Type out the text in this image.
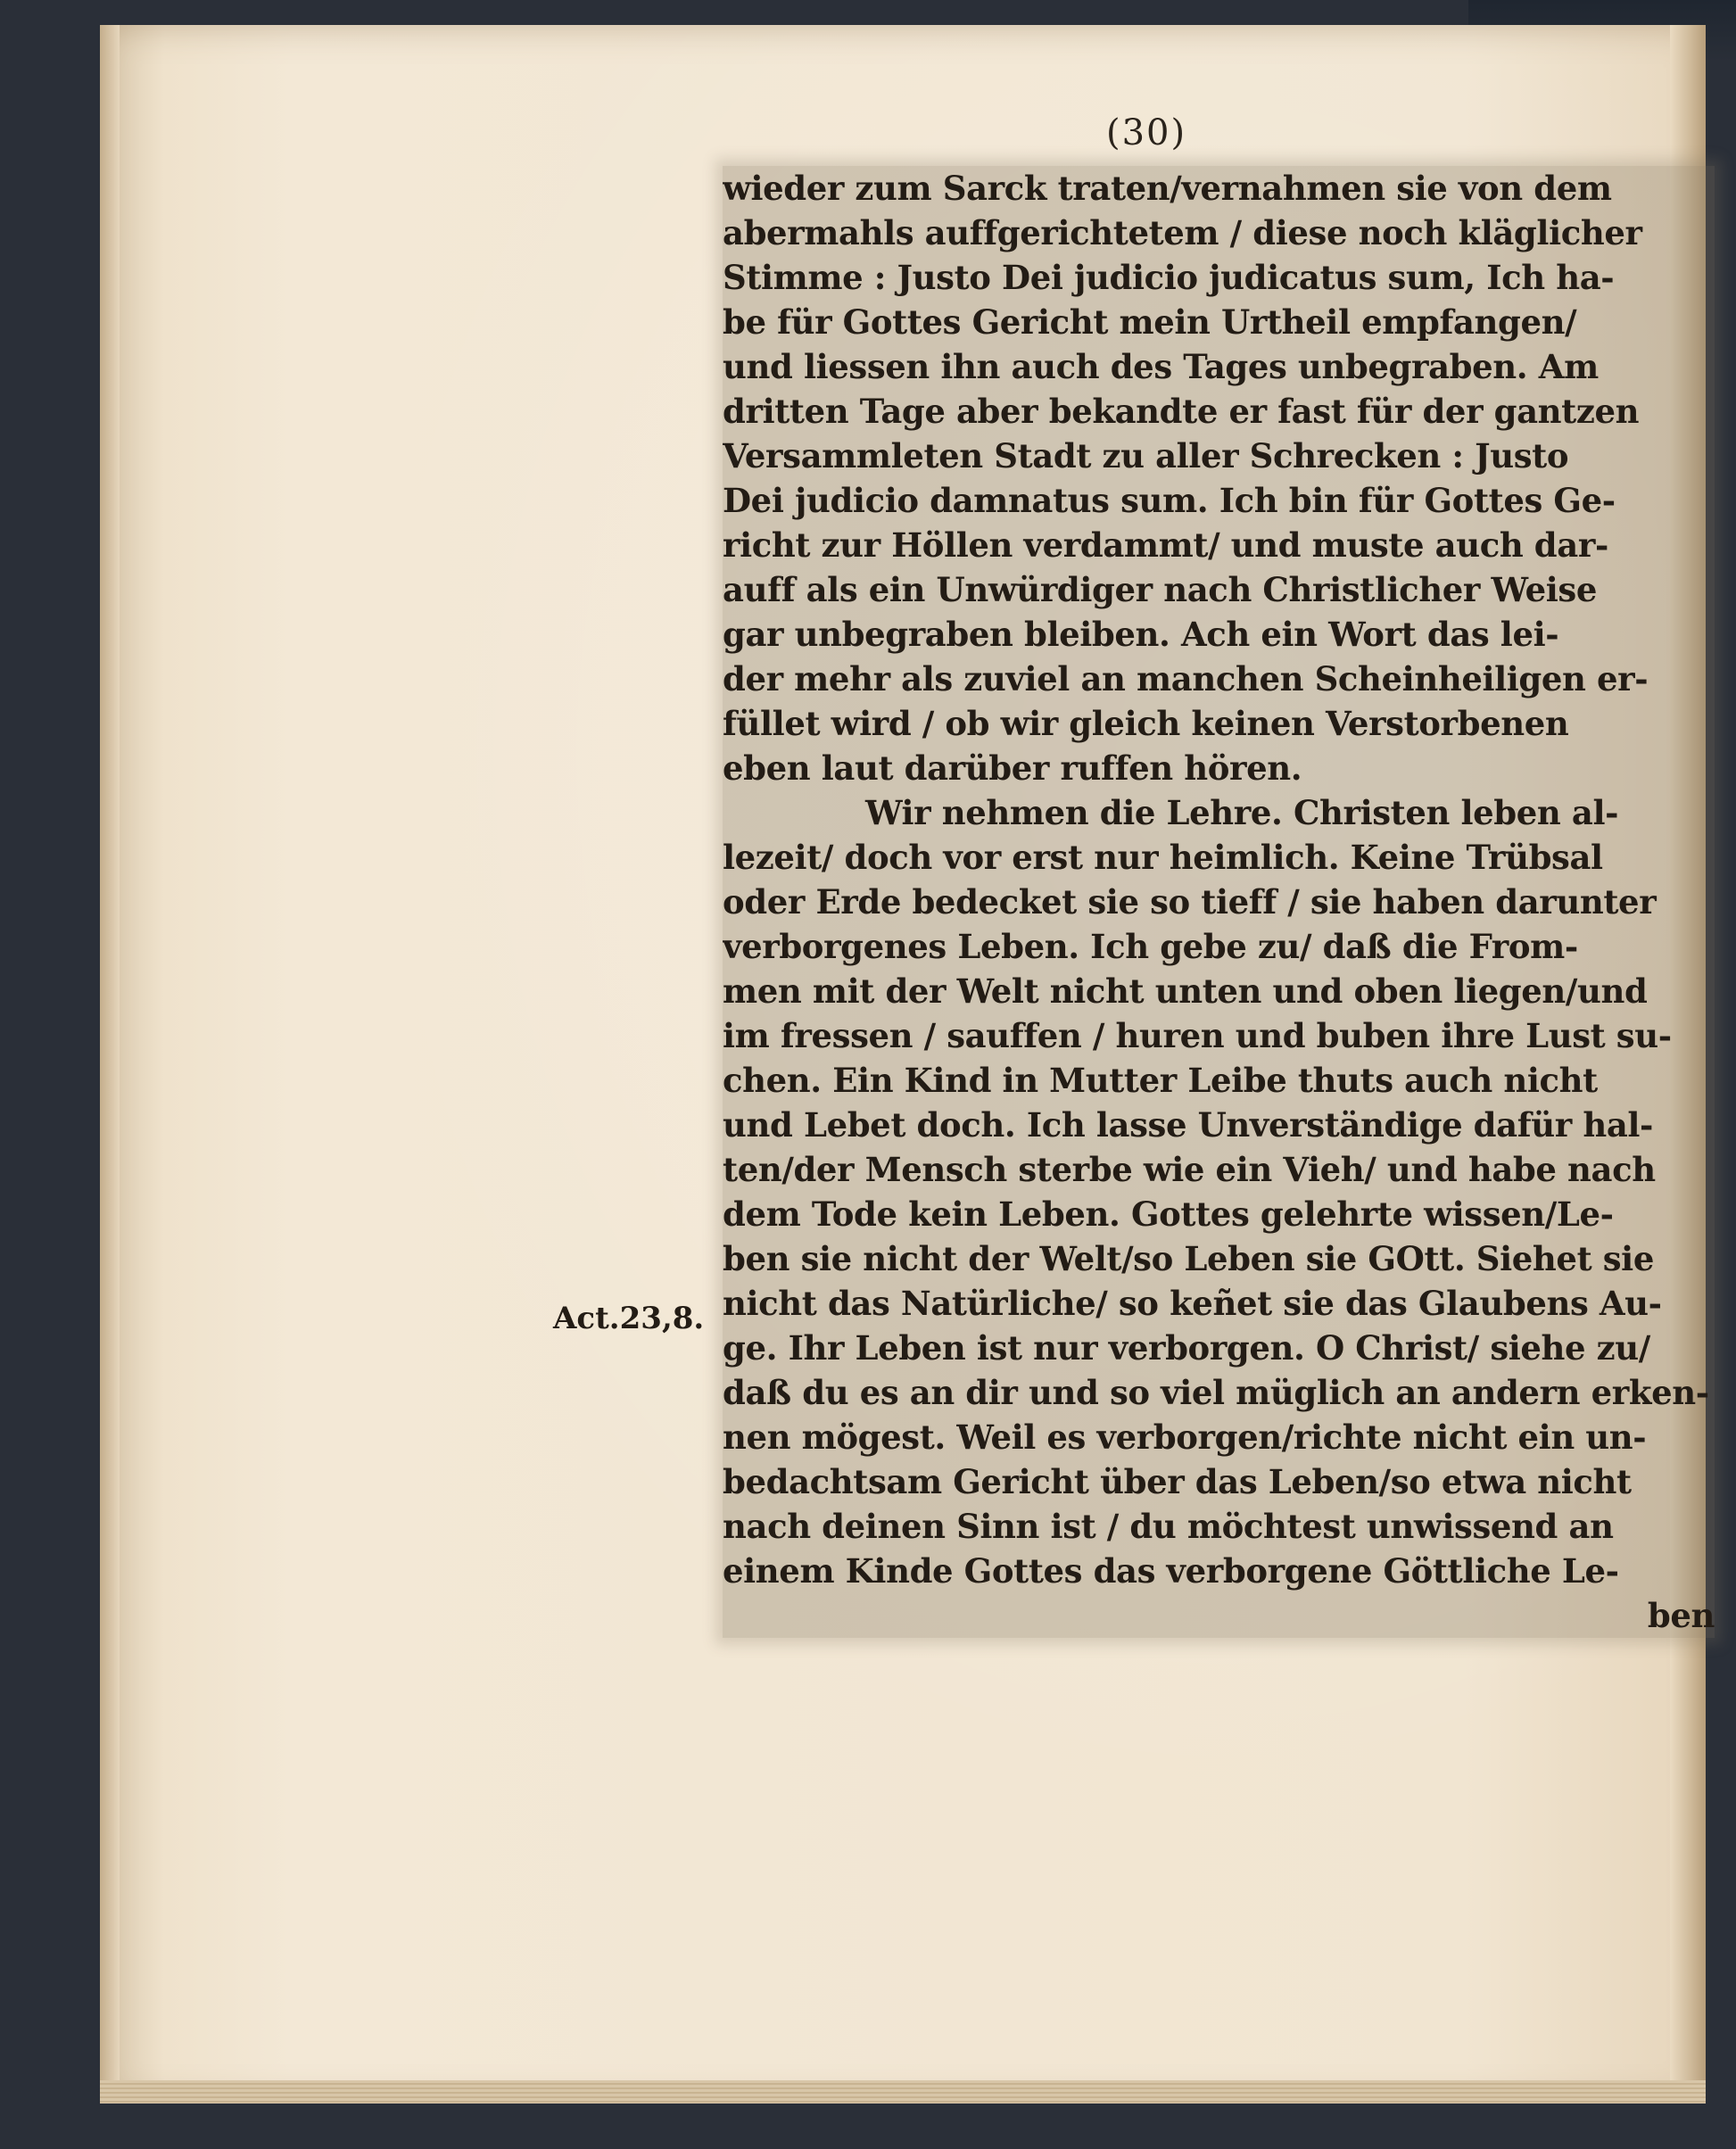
(30)
wieder zum Sarck traten/vernahmen sie von dem
abermahls auffgerichtetem / diese noch kläglicher
Stimme : Justo Dei judicio judicatus sum, Ich ha-
be für Gottes Gericht mein Urtheil empfangen/
und liessen ihn auch des Tages unbegraben. Am
dritten Tage aber bekandte er fast für der gantzen
Versammleten Stadt zu aller Schrecken : Justo
Dei judicio damnatus sum. Ich bin für Gottes Ge-
richt zur Höllen verdammt/ und muste auch dar-
auff als ein Unwürdiger nach Christlicher Weise
gar unbegraben bleiben. Ach ein Wort das lei-
der mehr als zuviel an manchen Scheinheiligen er-
füllet wird / ob wir gleich keinen Verstorbenen
eben laut darüber ruffen hören.
Wir nehmen die Lehre. Christen leben al-
lezeit/ doch vor erst nur heimlich. Keine Trübsal
oder Erde bedecket sie so tieff / sie haben darunter
verborgenes Leben. Ich gebe zu/ daß die From-
men mit der Welt nicht unten und oben liegen/und
im fressen / sauffen / huren und buben ihre Lust su-
chen. Ein Kind in Mutter Leibe thuts auch nicht
und Lebet doch. Ich lasse Unverständige dafür hal-
ten/der Mensch sterbe wie ein Vieh/ und habe nach
dem Tode kein Leben. Gottes gelehrte wissen/Le-
ben sie nicht der Welt/so Leben sie GOtt. Siehet sie
nicht das Natürliche/ so keñet sie das Glaubens Au-
ge. Ihr Leben ist nur verborgen. O Christ/ siehe zu/
daß du es an dir und so viel müglich an andern erken-
nen mögest. Weil es verborgen/richte nicht ein un-
bedachtsam Gericht über das Leben/so etwa nicht
nach deinen Sinn ist / du möchtest unwissend an
einem Kinde Gottes das verborgene Göttliche Le-
ben
Act.23,8.
